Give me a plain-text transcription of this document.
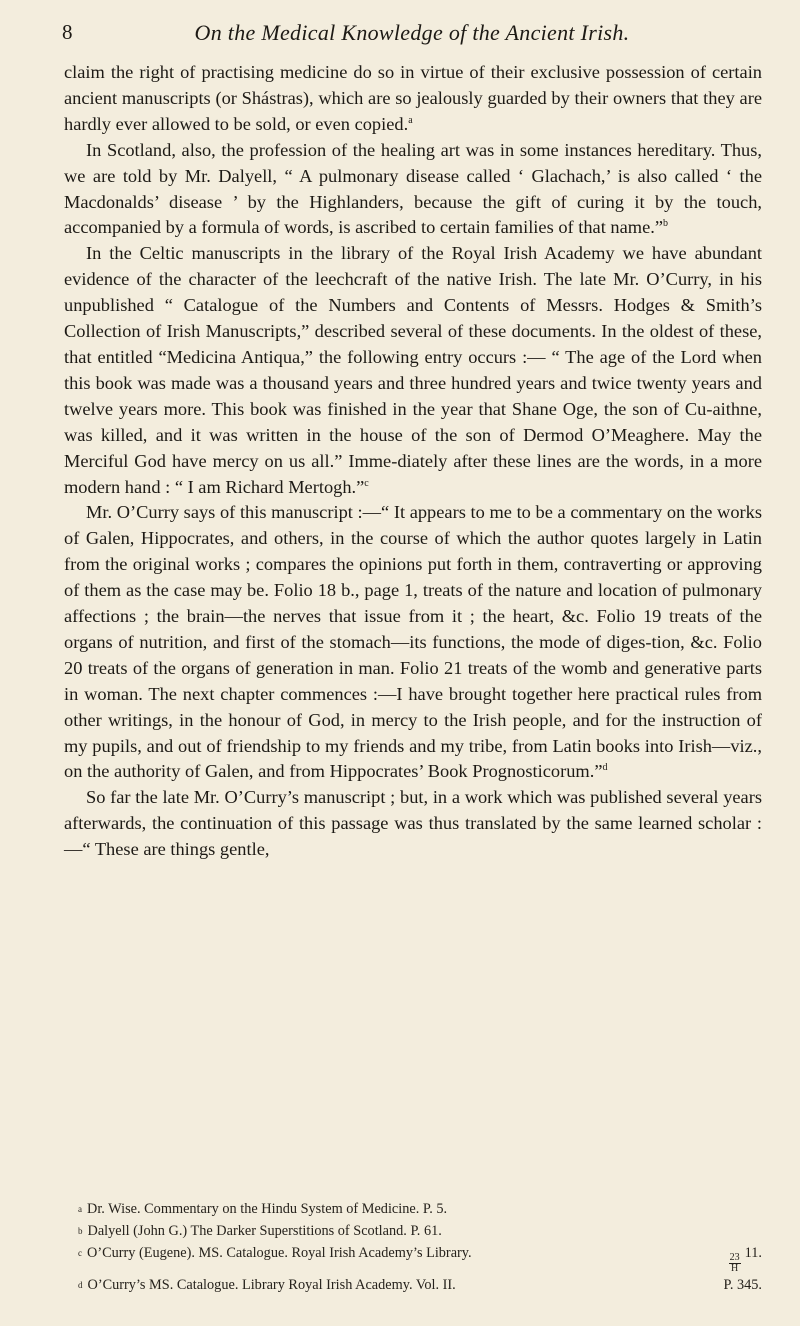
8	On the Medical Knowledge of the Ancient Irish.

claim the right of practising medicine do so in virtue of their exclusive possession of certain ancient manuscripts (or Shástras), which are so jealously guarded by their owners that they are hardly ever allowed to be sold, or even copied.$^a$

In Scotland, also, the profession of the healing art was in some instances hereditary. Thus, we are told by Mr. Dalyell, “ A pulmonary disease called ‘ Glachach,’ is also called ‘ the Macdonalds’ disease ’ by the Highlanders, because the gift of curing it by the touch, accompanied by a formula of words, is ascribed to certain families of that name.”$^b$

In the Celtic manuscripts in the library of the Royal Irish Academy we have abundant evidence of the character of the leechcraft of the native Irish. The late Mr. O’Curry, in his unpublished “ Catalogue of the Numbers and Contents of Messrs. Hodges & Smith’s Collection of Irish Manuscripts,” described several of these documents. In the oldest of these, that entitled “Medicina Antiqua,” the following entry occurs :— “ The age of the Lord when this book was made was a thousand years and three hundred years and twice twenty years and twelve years more. This book was finished in the year that Shane Oge, the son of Cu-aithne, was killed, and it was written in the house of the son of Dermod O’Meaghere. May the Merciful God have mercy on us all.” Imme-diately after these lines are the words, in a more modern hand : “ I am Richard Mertogh.”$^c$

Mr. O’Curry says of this manuscript :—“ It appears to me to be a commentary on the works of Galen, Hippocrates, and others, in the course of which the author quotes largely in Latin from the original works ; compares the opinions put forth in them, contraverting or approving of them as the case may be. Folio 18 b., page 1, treats of the nature and location of pulmonary affections ; the brain—the nerves that issue from it ; the heart, &c. Folio 19 treats of the organs of nutrition, and first of the stomach—its functions, the mode of diges-tion, &c. Folio 20 treats of the organs of generation in man. Folio 21 treats of the womb and generative parts in woman. The next chapter commences :—I have brought together here practical rules from other writings, in the honour of God, in mercy to the Irish people, and for the instruction of my pupils, and out of friendship to my friends and my tribe, from Latin books into Irish—viz., on the authority of Galen, and from Hippocrates’ Book Prognosticorum.”$^d$

So far the late Mr. O’Curry’s manuscript ; but, in a work which was published several years afterwards, the continuation of this passage was thus translated by the same learned scholar :—“ These are things gentle,

a Dr. Wise. Commentary on the Hindu System of Medicine. P. 5.
b Dalyell (John G.) The Darker Superstitions of Scotland. P. 61.
c O’Curry (Eugene). MS. Catalogue. Royal Irish Academy’s Library.	$\frac{23}{H} 11$.
d O’Curry’s MS. Catalogue. Library Royal Irish Academy. Vol. II.	P. 345.
